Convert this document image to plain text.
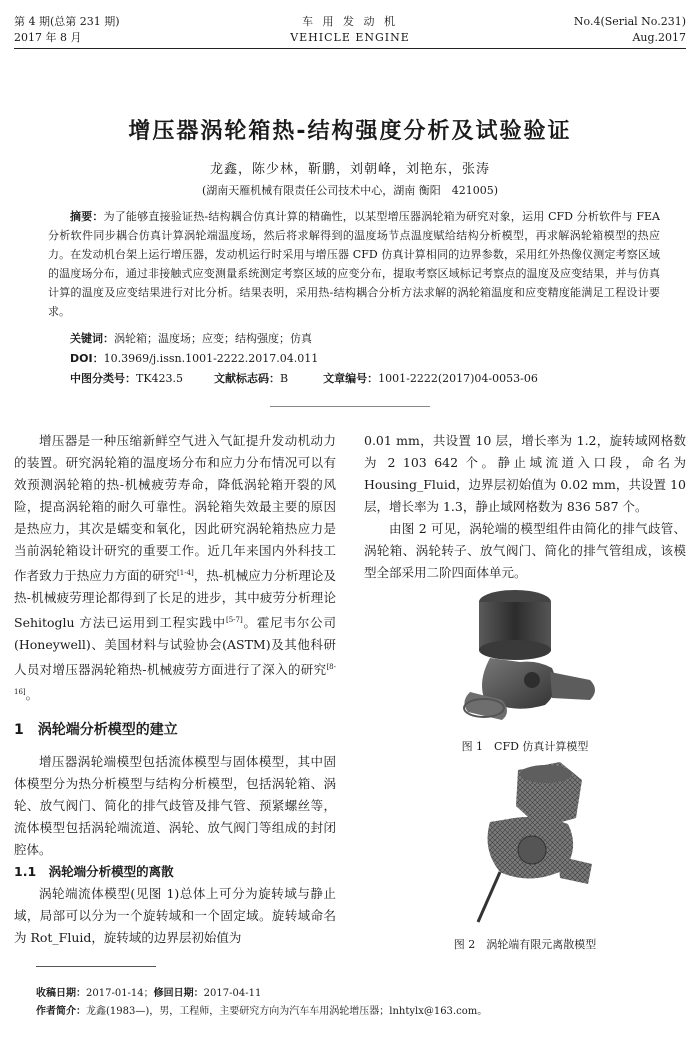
第 4 期(总第 231 期)
2017 年 8 月
车 用 发 动 机
VEHICLE ENGINE
No.4(Serial No.231)
Aug.2017
增压器涡轮箱热-结构强度分析及试验验证
龙鑫，陈少林，靳鹏，刘朝峰，刘艳东，张涛
(湖南天雁机械有限责任公司技术中心，湖南 衡阳　421005)
摘要：为了能够直接验证热-结构耦合仿真计算的精确性，以某型增压器涡轮箱为研究对象，运用 CFD 分析软件与 FEA 分析软件同步耦合仿真计算涡轮端温度场，然后将求解得到的温度场节点温度赋给结构分析模型，再求解涡轮箱模型的热应力。在发动机台架上运行增压器，发动机运行时采用与增压器 CFD 仿真计算相同的边界参数，采用红外热像仪测定考察区域的温度场分布，通过非接触式应变测量系统测定考察区域的应变分布，提取考察区域标记考察点的温度及应变结果，并与仿真计算的温度及应变结果进行对比分析。结果表明，采用热-结构耦合分析方法求解的涡轮箱温度和应变精度能满足工程设计要求。
关键词：涡轮箱；温度场；应变；结构强度；仿真
DOI：10.3969/j.issn.1001-2222.2017.04.011
中图分类号：TK423.5	文献标志码：B	文章编号：1001-2222(2017)04-0053-06

增压器是一种压缩新鲜空气进入气缸提升发动机动力的装置。研究涡轮箱的温度场分布和应力分布情况可以有效预测涡轮箱的热-机械疲劳寿命，降低涡轮箱开裂的风险，提高涡轮箱的耐久可靠性。涡轮箱失效最主要的原因是热应力，其次是蠕变和氧化，因此研究涡轮箱热应力是当前涡轮箱设计研究的重要工作。近几年来国内外科技工作者致力于热应力方面的研究[1-4]，热-机械应力分析理论及热-机械疲劳理论都得到了长足的进步，其中疲劳分析理论 Sehitoglu 方法已运用到工程实践中[5-7]。霍尼韦尔公司(Honeywell)、美国材料与试验协会(ASTM)及其他科研人员对增压器涡轮箱热-机械疲劳方面进行了深入的研究[8-16]。

1　涡轮端分析模型的建立

增压器涡轮端模型包括流体模型与固体模型，其中固体模型分为热分析模型与结构分析模型，包括涡轮箱、涡轮、放气阀门、简化的排气歧管及排气管、预紧螺丝等，流体模型包括涡轮端流道、涡轮、放气阀门等组成的封闭腔体。

1.1　涡轮端分析模型的离散

涡轮端流体模型(见图 1)总体上可分为旋转域与静止域，局部可以分为一个旋转域和一个固定域。旋转域命名为 Rot_Fluid，旋转域的边界层初始值为

0.01 mm，共设置 10 层，增长率为 1.2，旋转域网格数为 2 103 642 个。静止域流道入口段，命名为 Housing_Fluid，边界层初始值为 0.02 mm，共设置 10 层，增长率为 1.3，静止域网格数为 836 587 个。

由图 2 可见，涡轮端的模型组件由简化的排气歧管、涡轮箱、涡轮转子、放气阀门、简化的排气管组成，该模型全部采用二阶四面体单元。

图 1　CFD 仿真计算模型
图 2　涡轮端有限元离散模型
收稿日期：2017-01-14；修回日期：2017-04-11
作者简介：龙鑫(1983—)，男，工程师，主要研究方向为汽车车用涡轮增压器；lnhtylx@163.com。
